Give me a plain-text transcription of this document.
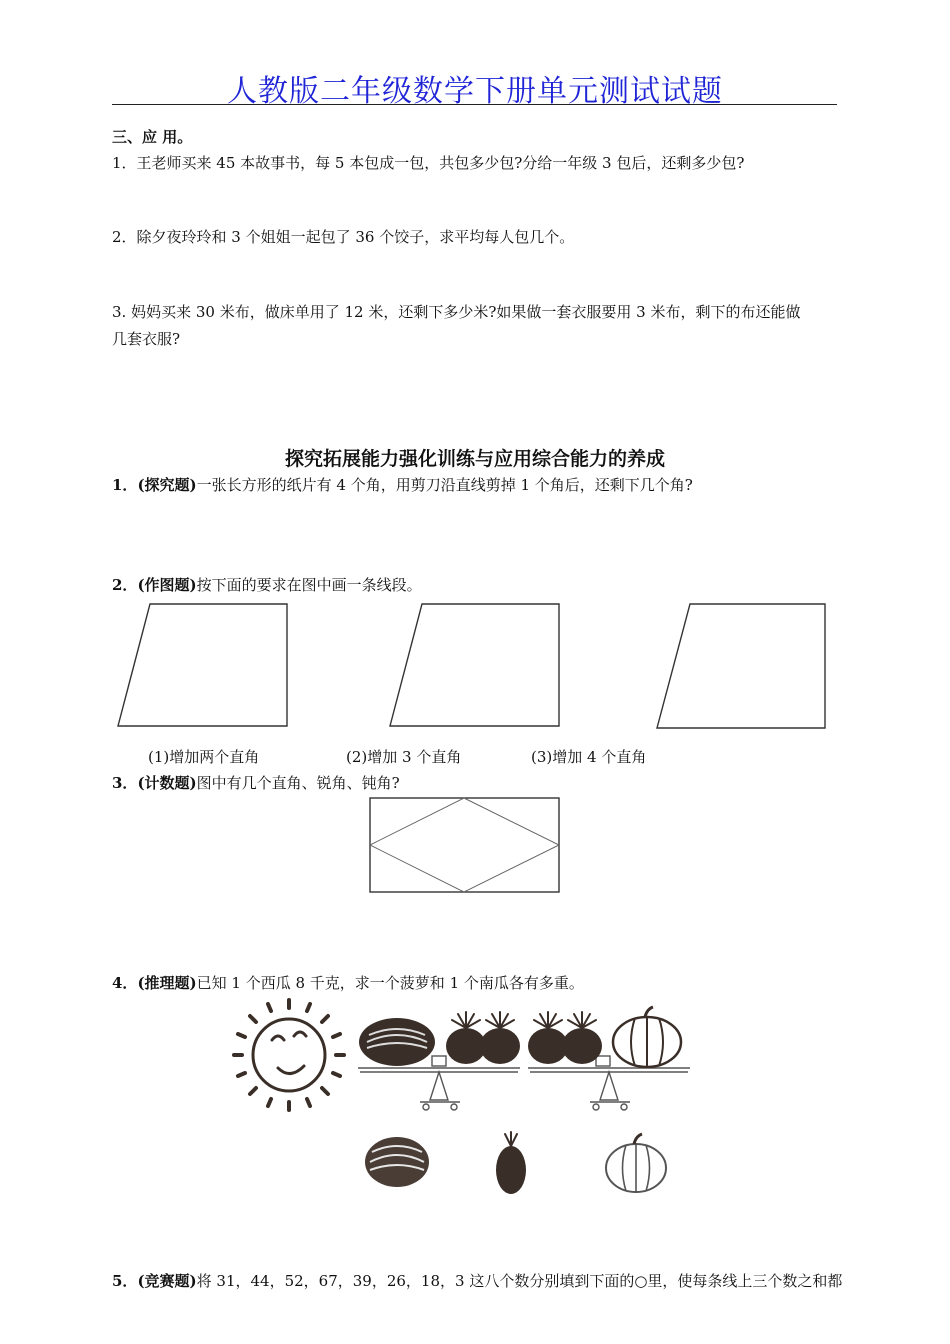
人教版二年级数学下册单元测试试题
三、应 用。
1．王老师买来 45 本故事书，每 5 本包成一包，共包多少包?分给一年级 3 包后，还剩多少包?
2．除夕夜玲玲和 3 个姐姐一起包了 36 个饺子，求平均每人包几个。
3. 妈妈买来 30 米布，做床单用了 12 米，还剩下多少米?如果做一套衣服要用 3 米布，剩下的布还能做
几套衣服?
探究拓展能力强化训练与应用综合能力的养成
1．(探究题)一张长方形的纸片有 4 个角，用剪刀沿直线剪掉 1 个角后，还剩下几个角?
2．(作图题)按下面的要求在图中画一条线段。
(1)增加两个直角	(2)增加 3 个直角	(3)增加 4 个直角
3．(计数题)图中有几个直角、锐角、钝角?
4．(推理题)已知 1 个西瓜 8 千克，求一个菠萝和 1 个南瓜各有多重。
5．(竞赛题)将 31，44，52，67，39，26，18，3 这八个数分别填到下面的○里，使每条线上三个数之和都
